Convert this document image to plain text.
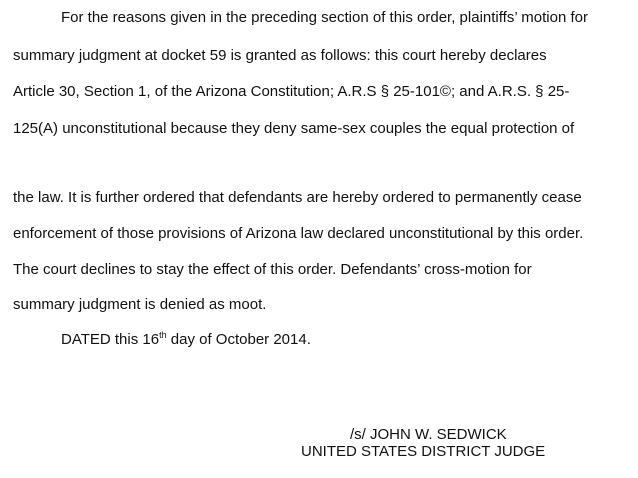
For the reasons given in the preceding section of this order, plaintiffs’ motion for
summary judgment at docket 59 is granted as follows: this court hereby declares
Article 30, Section 1, of the Arizona Constitution; A.R.S § 25-101©; and A.R.S. § 25-
125(A) unconstitutional because they deny same-sex couples the equal protection of
the law. It is further ordered that defendants are hereby ordered to permanently cease
enforcement of those provisions of Arizona law declared unconstitutional by this order.
The court declines to stay the effect of this order. Defendants’ cross-motion for
summary judgment is denied as moot.
DATED this 16th day of October 2014.
/s/ JOHN W. SEDWICK
UNITED STATES DISTRICT JUDGE
